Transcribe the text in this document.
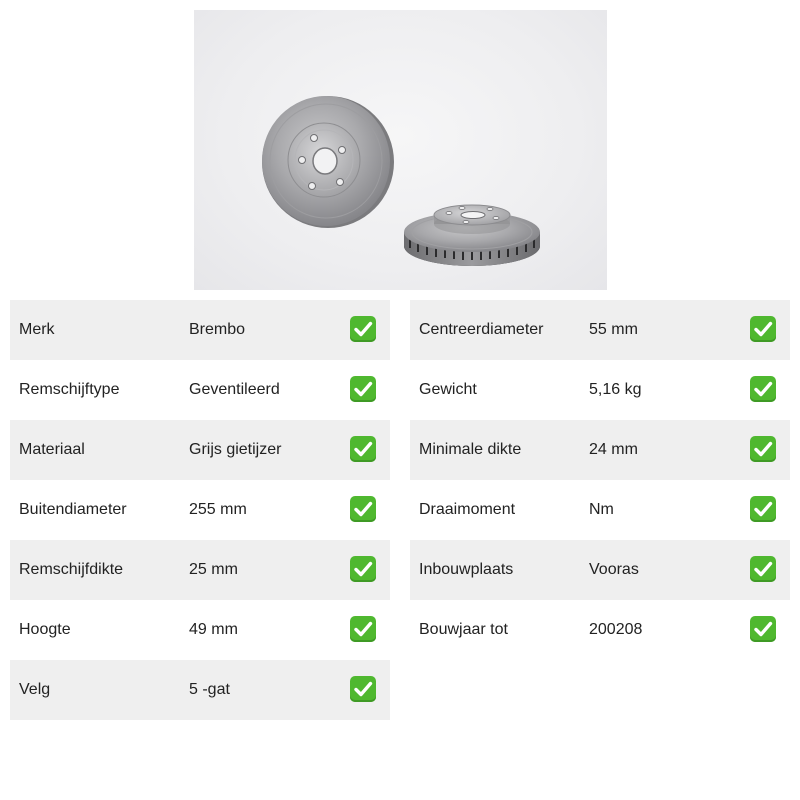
Merk	Brembo
Remschijftype	Geventileerd
Materiaal	Grijs gietijzer
Buitendiameter	255 mm
Remschijfdikte	25 mm
Hoogte	49 mm
Velg	5 -gat
Centreerdiameter	55 mm
Gewicht	5,16 kg
Minimale dikte	24 mm
Draaimoment	Nm
Inbouwplaats	Vooras
Bouwjaar tot	200208
